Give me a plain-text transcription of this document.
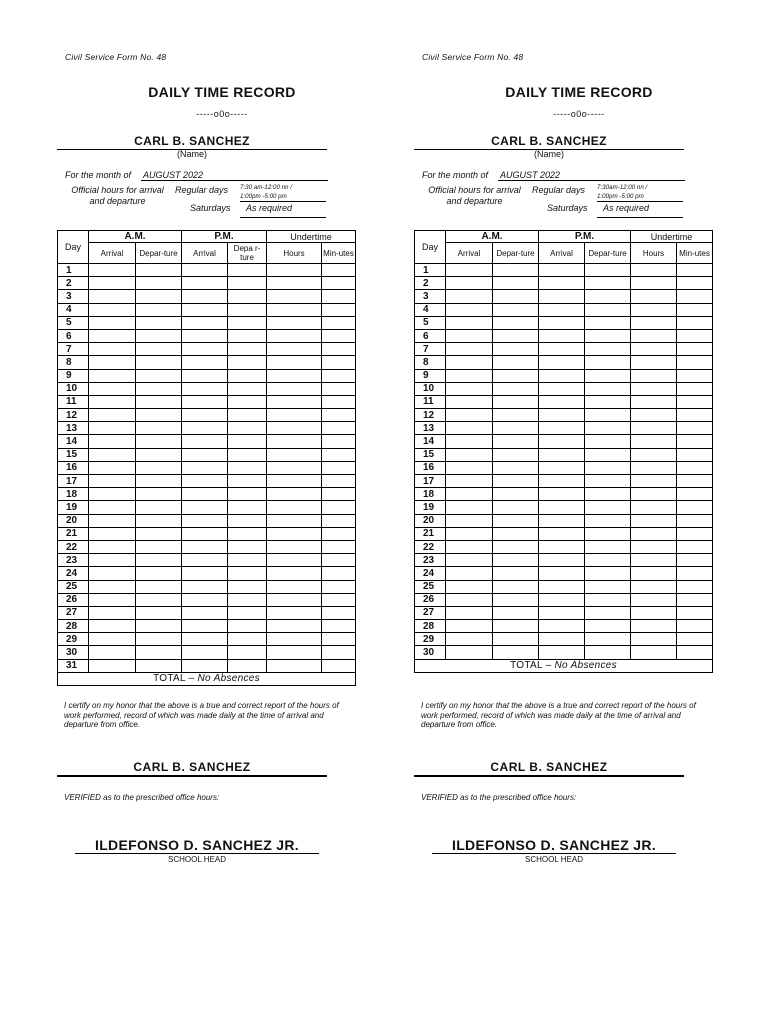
Civil Service Form No. 48
DAILY TIME RECORD
-----o0o-----
CARL B. SANCHEZ
(Name)
For the month of AUGUST 2022
Official hours for arrival and departure
Regular days 7:30 am-12:00 nn /
1:00pm -5:00 pm
Saturdays	As required
Day	A.M.		P.M.		Undertime	
	Arrival	Depar-ture	Arrival	Depa r-ture	Hours	Min-utes
1						
2						
3						
4						
5						
6						
7						
8						
9						
10						
11						
12						
13						
14						
15						
16						
17						
18						
19						
20						
21						
22						
23						
24						
25						
26						
27						
28						
29						
30						
31						
TOTAL – No Absences						
I certify on my honor that the above is a true and correct report of the hours of work performed, record of which was made daily at the time of arrival and departure from office.
CARL B. SANCHEZ
VERIFIED as to the prescribed office hours:
ILDEFONSO D. SANCHEZ JR.
SCHOOL HEAD
Civil Service Form No. 48
DAILY TIME RECORD
-----o0o-----
CARL B. SANCHEZ
(Name)
For the month of AUGUST 2022
Official hours for arrival and departure
Regular days 7:30am-12:00 nn /
1:00pm -5:00 pm
Saturdays	As required
Day	A.M.		P.M.		Undertime	
	Arrival	Depar-ture	Arrival	Depar-ture	Hours	Min-utes
1						
2						
3						
4						
5						
6						
7						
8						
9						
10						
11						
12						
13						
14						
15						
16						
17						
18						
19						
20						
21						
22						
23						
24						
25						
26						
27						
28						
29						
30						
TOTAL – No Absences						
I certify on my honor that the above is a true and correct report of the hours of work performed, record of which was made daily at the time of arrival and departure from office.
CARL B. SANCHEZ
VERIFIED as to the prescribed office hours:
ILDEFONSO D. SANCHEZ JR.
SCHOOL HEAD
